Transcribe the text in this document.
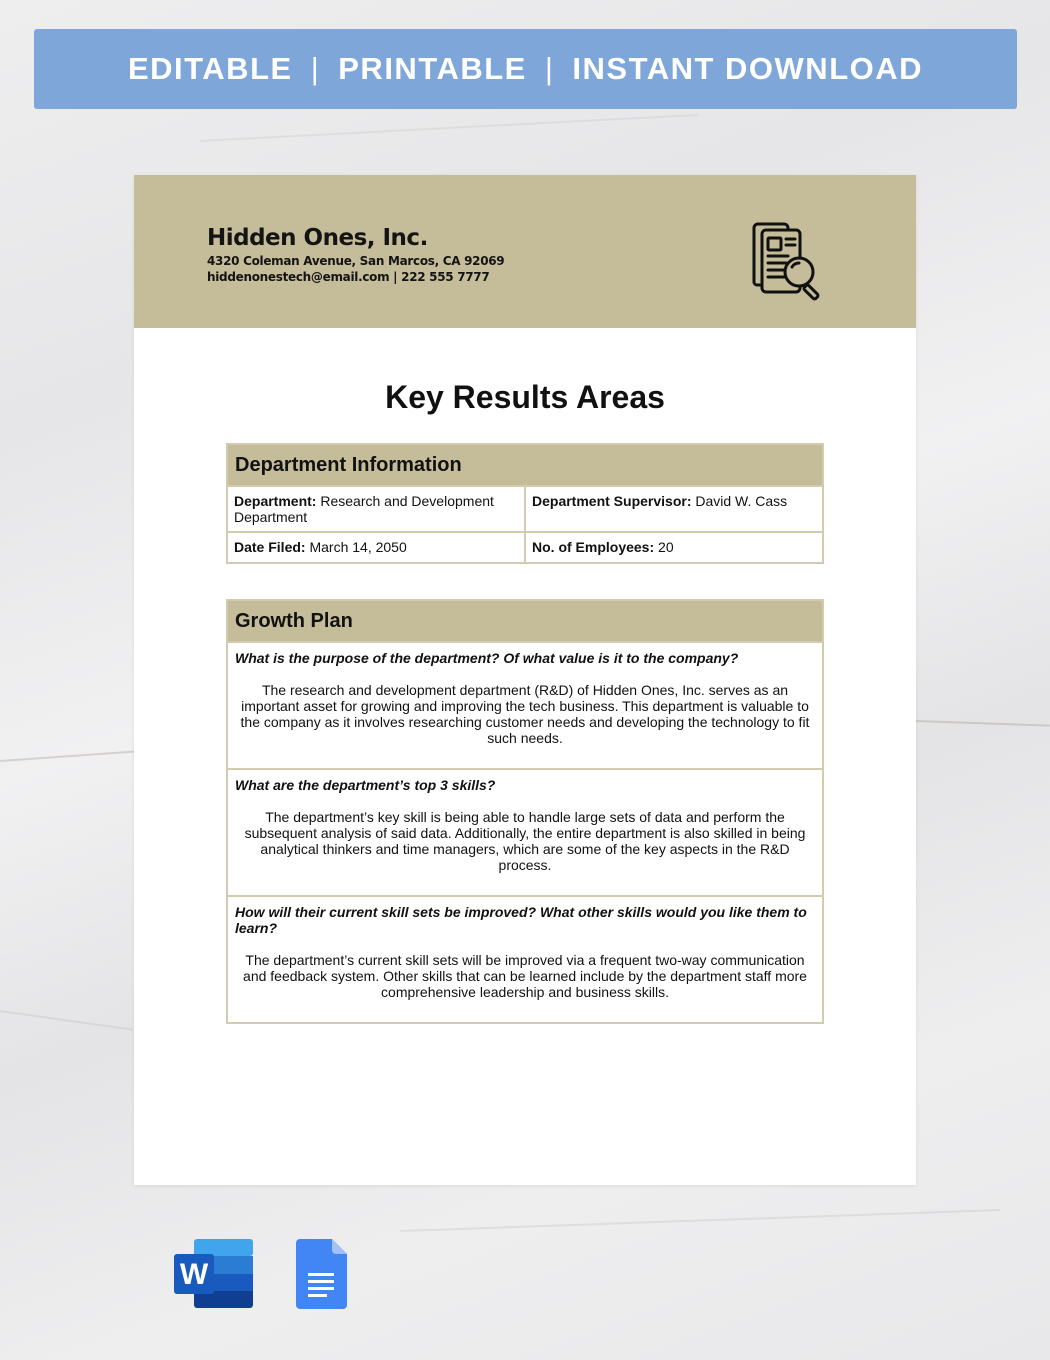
EDITABLE | PRINTABLE | INSTANT DOWNLOAD
Hidden Ones, Inc.
4320 Coleman Avenue, San Marcos, CA 92069
hiddenonestech@email.com | 222 555 7777
Key Results Areas
Department Information	
Department: Research and Development Department	Department Supervisor: David W. Cass
Date Filed: March 14, 2050	No. of Employees: 20
Growth Plan

What is the purpose of the department? Of what value is it to the company?
The research and development department (R&D) of Hidden Ones, Inc. serves as an important asset for growing and improving the tech business. This department is valuable to the company as it involves researching customer needs and developing the technology to fit such needs.

What are the department’s top 3 skills?
The department’s key skill is being able to handle large sets of data and perform the subsequent analysis of said data. Additionally, the entire department is also skilled in being analytical thinkers and time managers, which are some of the key aspects in the R&D process.

How will their current skill sets be improved? What other skills would you like them to learn?
The department’s current skill sets will be improved via a frequent two-way communication and feedback system. Other skills that can be learned include by the department staff more comprehensive leadership and business skills.
W
